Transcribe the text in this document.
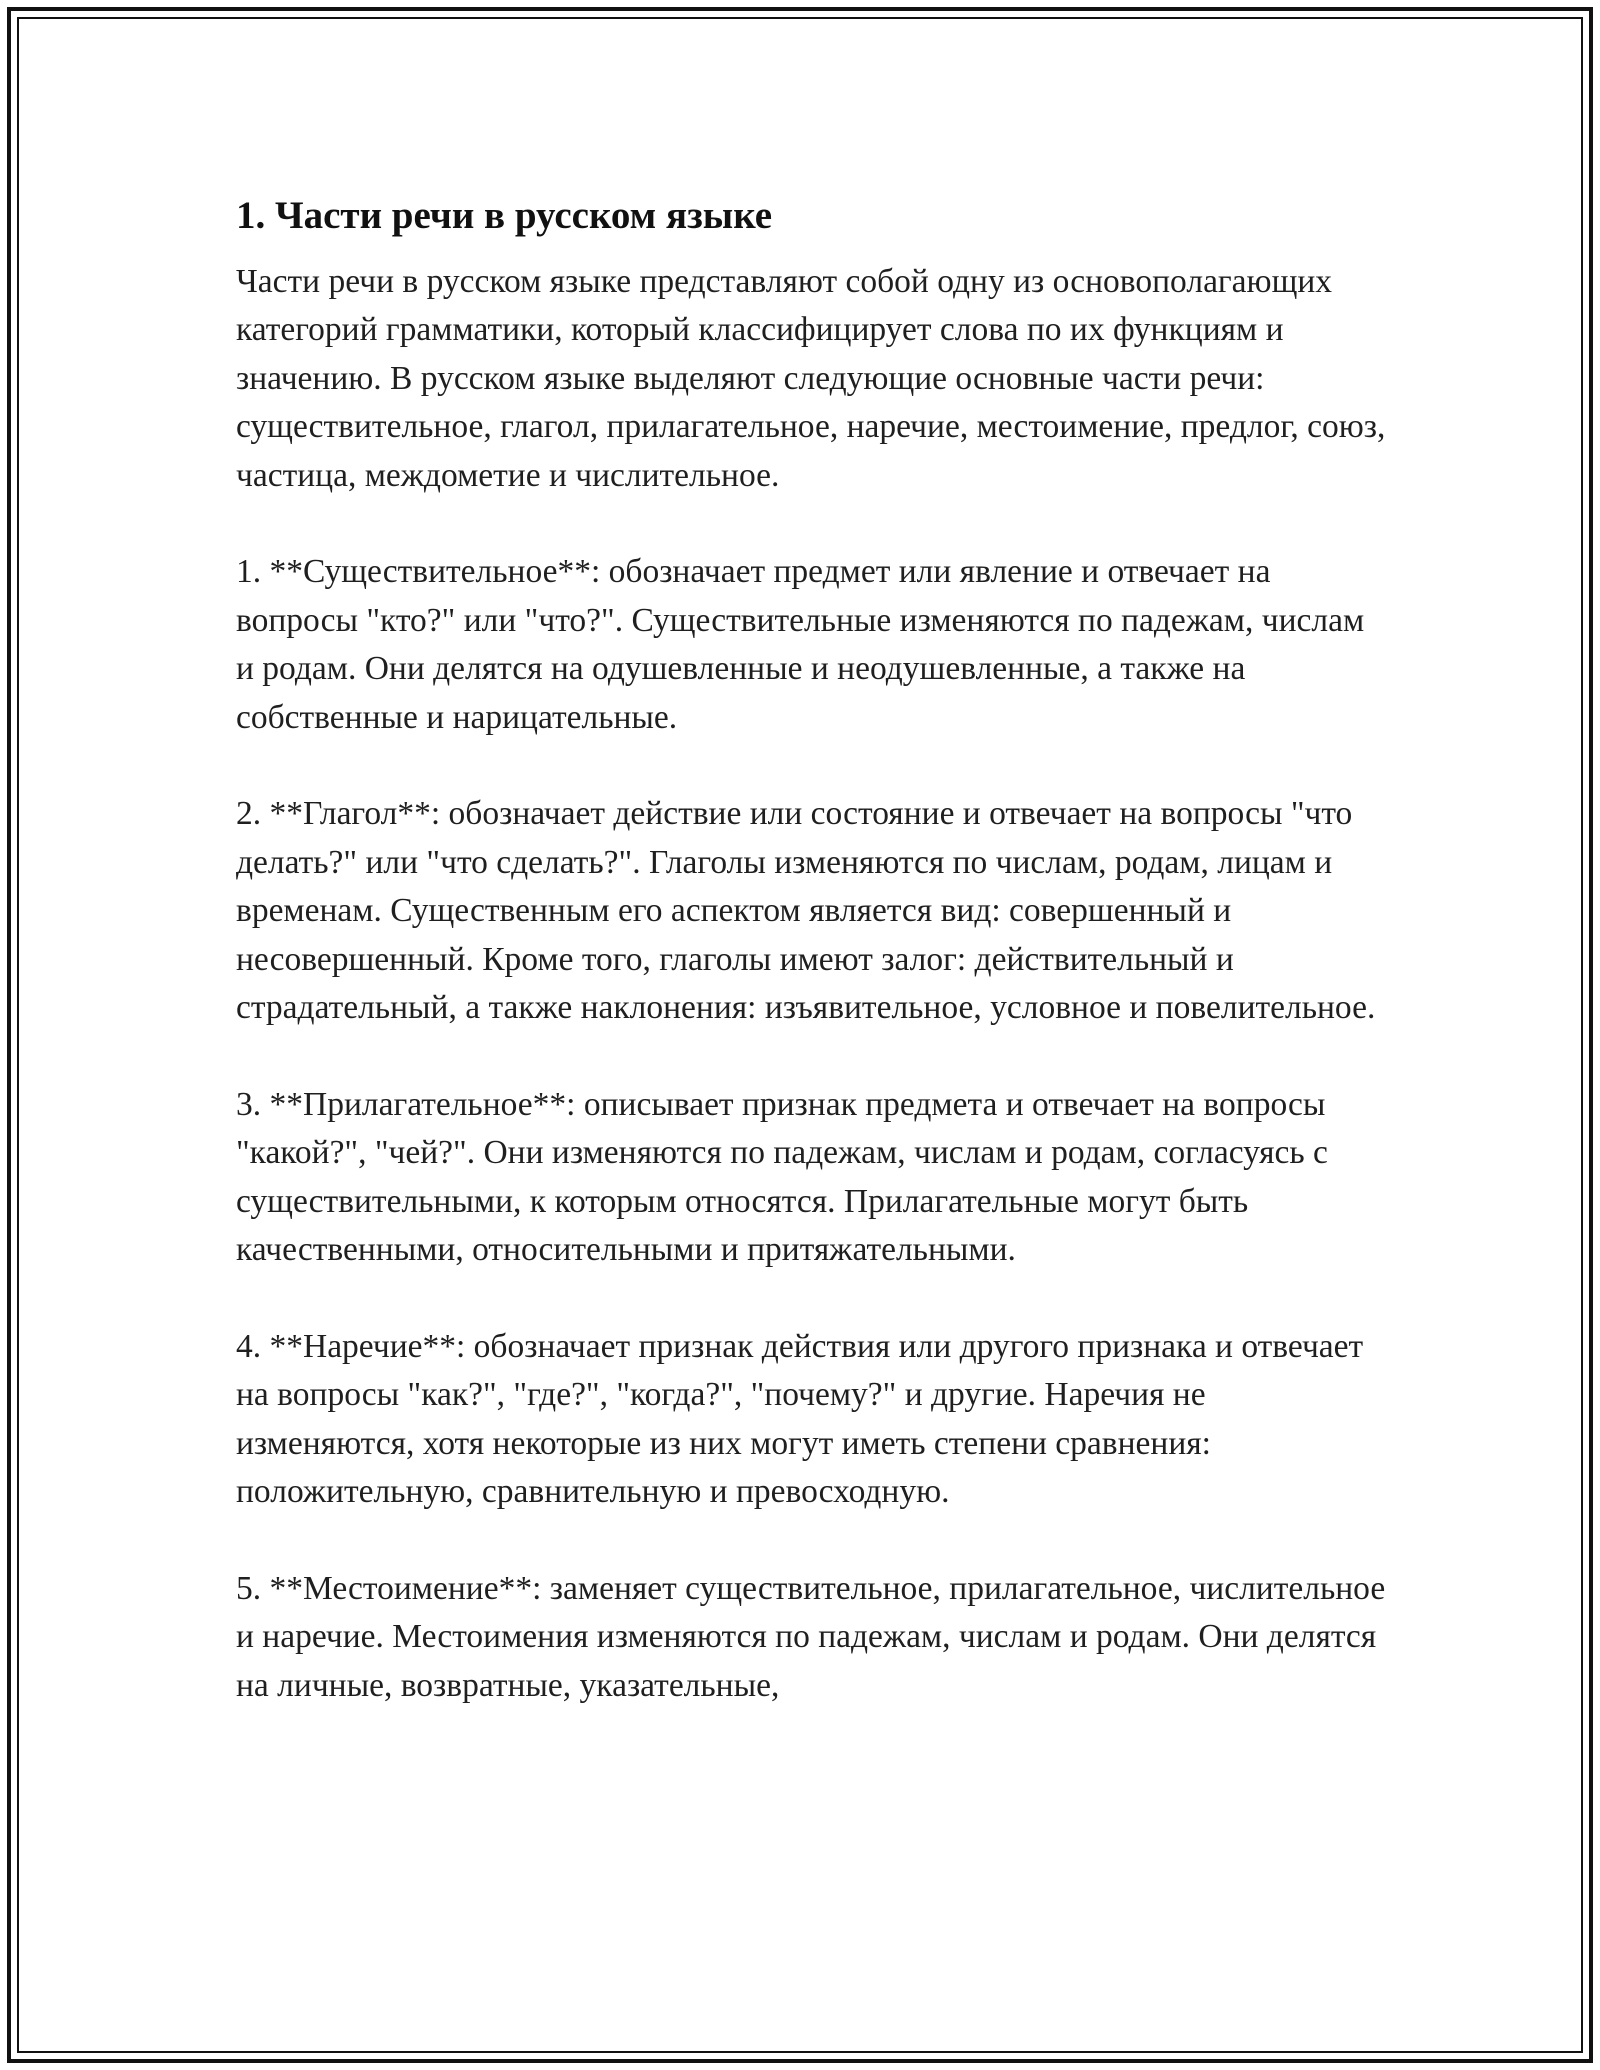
1. Части речи в русском языке

Части речи в русском языке представляют собой одну из основополагающих категорий грамматики, который классифицирует слова по их функциям и значению. В русском языке выделяют следующие основные части речи: существительное, глагол, прилагательное, наречие, местоимение, предлог, союз, частица, междометие и числительное.

1. **Существительное**: обозначает предмет или явление и отвечает на вопросы "кто?" или "что?". Существительные изменяются по падежам, числам и родам. Они делятся на одушевленные и неодушевленные, а также на собственные и нарицательные.

2. **Глагол**: обозначает действие или состояние и отвечает на вопросы "что делать?" или "что сделать?". Глаголы изменяются по числам, родам, лицам и временам. Существенным его аспектом является вид: совершенный и несовершенный. Кроме того, глаголы имеют залог: действительный и страдательный, а также наклонения: изъявительное, условное и повелительное.

3. **Прилагательное**: описывает признак предмета и отвечает на вопросы "какой?", "чей?". Они изменяются по падежам, числам и родам, согласуясь с существительными, к которым относятся. Прилагательные могут быть качественными, относительными и притяжательными.

4. **Наречие**: обозначает признак действия или другого признака и отвечает на вопросы "как?", "где?", "когда?", "почему?" и другие. Наречия не изменяются, хотя некоторые из них могут иметь степени сравнения: положительную, сравнительную и превосходную.

5. **Местоимение**: заменяет существительное, прилагательное, числительное и наречие. Местоимения изменяются по падежам, числам и родам. Они делятся на личные, возвратные, указательные,
